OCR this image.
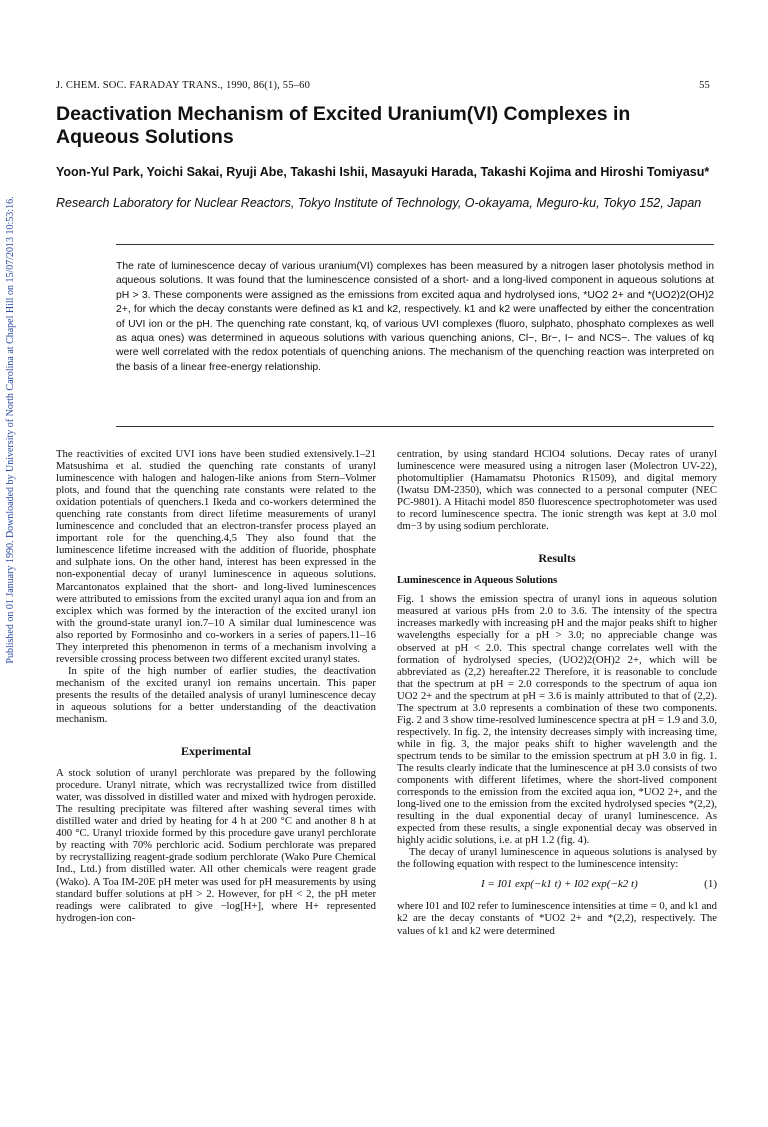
Published on 01 January 1990. Downloaded by University of North Carolina at Chapel Hill on 15/07/2013 10:53:16.
J. CHEM. SOC. FARADAY TRANS., 1990, 86(1), 55–60	55
Deactivation Mechanism of Excited Uranium(VI) Complexes in Aqueous Solutions
Yoon-Yul Park, Yoichi Sakai, Ryuji Abe, Takashi Ishii, Masayuki Harada, Takashi Kojima and Hiroshi Tomiyasu*
Research Laboratory for Nuclear Reactors, Tokyo Institute of Technology, O-okayama, Meguro-ku, Tokyo 152, Japan

The rate of luminescence decay of various uranium(VI) complexes has been measured by a nitrogen laser photolysis method in aqueous solutions. It was found that the luminescence consisted of a short- and a long-lived component in aqueous solutions at pH > 3. These components were assigned as the emissions from excited aqua and hydrolysed ions, *UO2 2+ and *(UO2)2(OH)2 2+, for which the decay constants were defined as k1 and k2, respectively. k1 and k2 were unaffected by either the concentration of UVI ion or the pH. The quenching rate constant, kq, of various UVI complexes (fluoro, sulphato, phosphato complexes as well as aqua ones) was determined in aqueous solutions with various quenching anions, Cl−, Br−, I− and NCS−. The values of kq were well correlated with the redox potentials of quenching anions. The mechanism of the quenching reaction was interpreted on the basis of a linear free-energy relationship.

The reactivities of excited UVI ions have been studied extensively.1–21 Matsushima et al. studied the quenching rate constants of uranyl luminescence with halogen and halogen-like anions from Stern–Volmer plots, and found that the quenching rate constants were related to the oxidation potentials of quenchers.1 Ikeda and co-workers determined the quenching rate constants from direct lifetime measurements of uranyl luminescence and concluded that an electron-transfer process played an important role for the quenching.4,5 They also found that the luminescence lifetime increased with the addition of fluoride, phosphate and sulphate ions. On the other hand, interest has been expressed in the non-exponential decay of uranyl luminescence in aqueous solutions. Marcantonatos explained that the short- and long-lived luminescences were attributed to emissions from the excited uranyl aqua ion and from an exciplex which was formed by the interaction of the excited uranyl ion with the ground-state uranyl ion.7–10 A similar dual luminescence was also reported by Formosinho and co-workers in a series of papers.11–16 They interpreted this phenomenon in terms of a mechanism involving a reversible crossing process between two different excited uranyl states.

In spite of the high number of earlier studies, the deactivation mechanism of the excited uranyl ion remains uncertain. This paper presents the results of the detailed analysis of uranyl luminescence decay in aqueous solutions for a better understanding of the deactivation mechanism.

Experimental

A stock solution of uranyl perchlorate was prepared by the following procedure. Uranyl nitrate, which was recrystallized twice from distilled water, was dissolved in distilled water and mixed with hydrogen peroxide. The resulting precipitate was filtered after washing several times with distilled water and dried by heating for 4 h at 200 °C and another 8 h at 400 °C. Uranyl trioxide formed by this procedure gave uranyl perchlorate by reacting with 70% perchloric acid. Sodium perchlorate was prepared by recrystallizing reagent-grade sodium perchlorate (Wako Pure Chemical Ind., Ltd.) from distilled water. All other chemicals were reagent grade (Wako). A Toa IM-20E pH meter was used for pH measurements by using standard buffer solutions at pH > 2. However, for pH < 2, the pH meter readings were calibrated to give −log[H+], where H+ represented hydrogen-ion con-

centration, by using standard HClO4 solutions. Decay rates of uranyl luminescence were measured using a nitrogen laser (Molectron UV-22), photomultiplier (Hamamatsu Photonics R1509), and digital memory (Iwatsu DM-2350), which was connected to a personal computer (NEC PC-9801). A Hitachi model 850 fluorescence spectrophotometer was used to record luminescence spectra. The ionic strength was kept at 3.0 mol dm−3 by using sodium perchlorate.

Results
Luminescence in Aqueous Solutions

Fig. 1 shows the emission spectra of uranyl ions in aqueous solution measured at various pHs from 2.0 to 3.6. The intensity of the spectra increases markedly with increasing pH and the major peaks shift to higher wavelengths especially for a pH > 3.0; no appreciable change was observed at pH < 2.0. This spectral change correlates well with the formation of hydrolysed species, (UO2)2(OH)2 2+, which will be abbreviated as (2,2) hereafter.22 Therefore, it is reasonable to conclude that the spectrum at pH = 2.0 corresponds to the spectrum of aqua ion UO2 2+ and the spectrum at pH = 3.6 is mainly attributed to that of (2,2). The spectrum at 3.0 represents a combination of these two components. Fig. 2 and 3 show time-resolved luminescence spectra at pH = 1.9 and 3.0, respectively. In fig. 2, the intensity decreases simply with increasing time, while in fig. 3, the major peaks shift to higher wavelength and the spectrum tends to be similar to the emission spectrum at pH 3.0 in fig. 1. The results clearly indicate that the luminescence at pH 3.0 consists of two components with different lifetimes, where the short-lived component corresponds to the emission from the excited aqua ion, *UO2 2+, and the long-lived one to the emission from the excited hydrolysed species *(2,2), resulting in the dual exponential decay of uranyl luminescence. As expected from these results, a single exponential decay was observed in highly acidic solutions, i.e. at pH 1.2 (fig. 4).

The decay of uranyl luminescence in aqueous solutions is analysed by the following equation with respect to the luminescence intensity:

I = I01 exp(−k1 t) + I02 exp(−k2 t)	(1)

where I01 and I02 refer to luminescence intensities at time = 0, and k1 and k2 are the decay constants of *UO2 2+ and *(2,2), respectively. The values of k1 and k2 were determined
